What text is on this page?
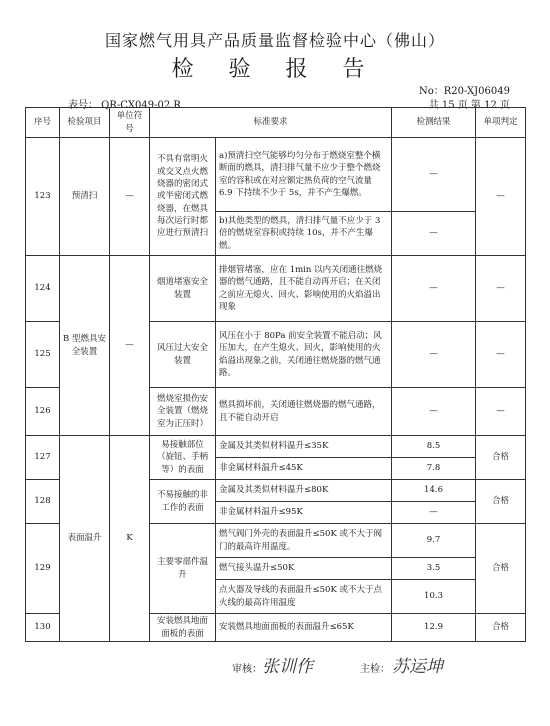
国家燃气用具产品质量监督检验中心（佛山）
检 验 报 告
No：R20-XJ06049
表号： QR-CX049-02.R	共 15 页 第 12 页
序号	检验项目	单位符号	标准要求		检测结果	单项判定
123	预清扫	—	不具有常明火或交叉点火燃烧器的密闭式或半密闭式燃烧器，在燃具每次运行时都应进行预清扫	a)预清扫空气能够均匀分布于燃烧室整个横断面的燃具，清扫排气量不应少于整个燃烧室的容积或在对应额定热负荷的空气流量 6.9 下持续不少于 5s，并不产生爆燃。	—	—
				b)其他类型的燃具，清扫排气量不应少于 3 倍的燃烧室容积或持续 10s，并不产生爆燃。	—	
124	B 型燃具安全装置	—	烟道堵塞安全装置	排烟管堵塞，应在 1min 以内关闭通往燃烧器的燃气通路，且不能自动再开启；在关闭之前应无熄火、回火、影响使用的火焰溢出现象	—	—
125			风压过大安全装置	风压在小于 80Pa 前安全装置不能启动；风压加大，在产生熄火、回火，影响使用的火焰溢出现象之前，关闭通往燃烧器的燃气通路。	—	—
126			燃烧室损伤安全装置（燃烧室为正压时）	燃具损坏前，关闭通往燃烧器的燃气通路，且不能自动开启	—	—
127	表面温升	K	易接触部位（旋钮、手柄等）的表面	金属及其类似材料温升≤35K	8.5	合格
				非金属材料温升≤45K	7.8	
128			不易接触的非工作的表面	金属及其类似材料温升≤80K	14.6	合格
				非金属材料温升≤95K	—	
129			主要零部件温升	燃气阀门外壳的表面温升≤50K 或不大于阀门的最高许用温度。	9.7	合格
				燃气接头温升≤50K	3.5	
				点火器及导线的表面温升≤50K 或不大于点火线的最高许用温度	10.3	
130			安装燃具地面面板的表面	安装燃具地面面板的表面温升≤65K	12.9	合格
审核： 张训作	主检： 苏运坤
